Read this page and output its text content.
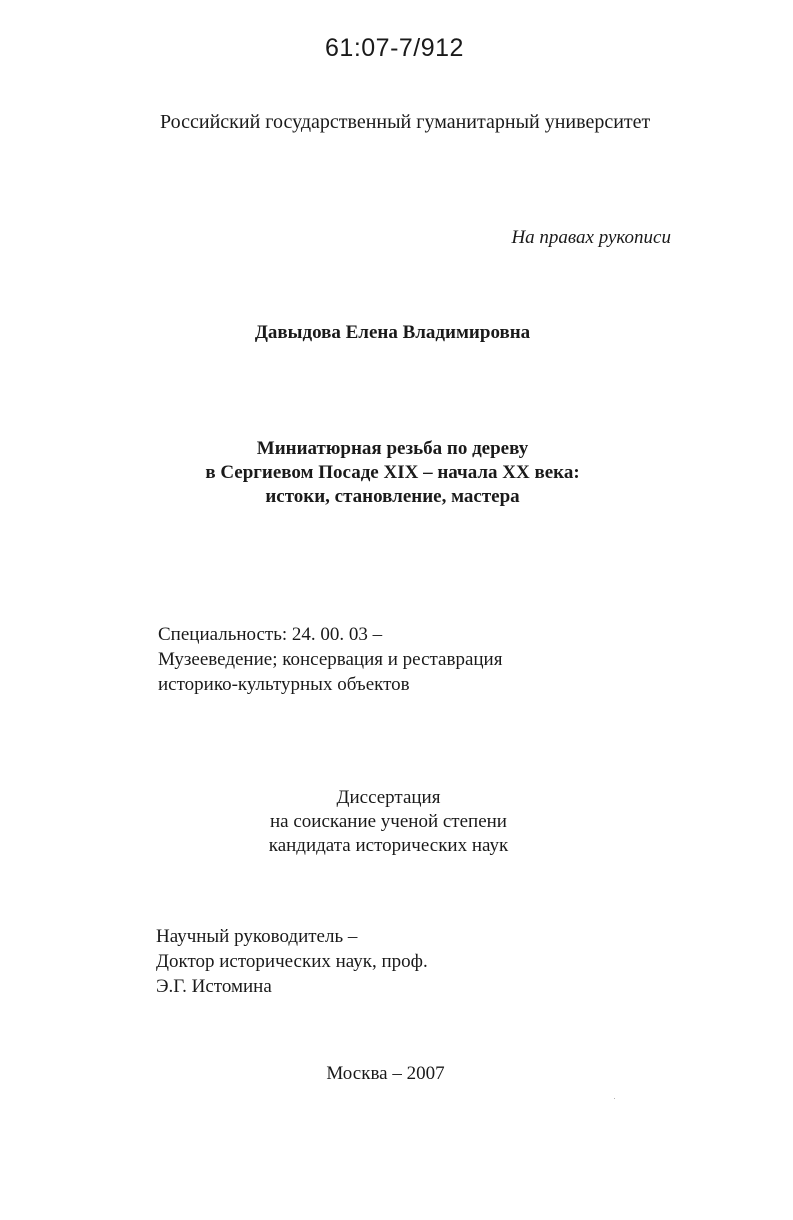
61:07-7/912
Российский государственный гуманитарный университет
На правах рукописи
Давыдова Елена Владимировна
Миниатюрная резьба по дереву
в Сергиевом Посаде XIX – начала XX века:
истоки, становление, мастера
Специальность: 24. 00. 03 –
Музееведение; консервация и реставрация
историко-культурных объектов
Диссертация
на соискание ученой степени
кандидата исторических наук
Научный руководитель –
Доктор исторических наук, проф.
Э.Г. Истомина
Москва – 2007
